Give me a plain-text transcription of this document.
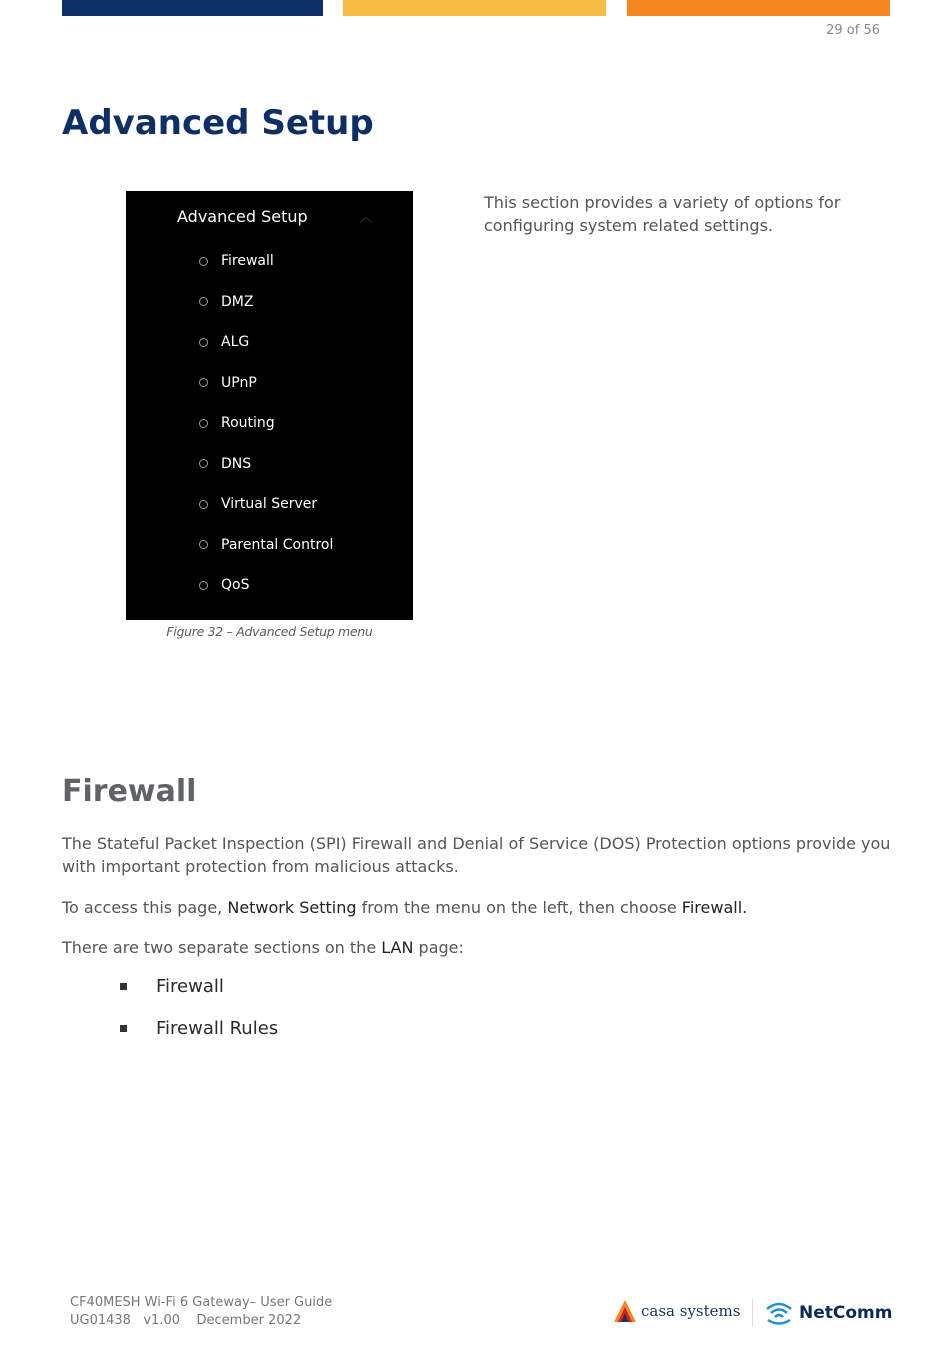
29 of 56
Advanced Setup
Advanced Setup	︿
Firewall
DMZ
ALG
UPnP
Routing
DNS
Virtual Server
Parental Control
QoS
Figure 32 – Advanced Setup menu

This section provides a variety of options for configuring system related settings.

Firewall

The Stateful Packet Inspection (SPI) Firewall and Denial of Service (DOS) Protection options provide you with important protection from malicious attacks.

To access this page, Network Setting from the menu on the left, then choose Firewall.

There are two separate sections on the LAN page:

Firewall
Firewall Rules
CF40MESH Wi-Fi 6 Gateway– User Guide
UG01438   v1.00    December 2022
casa systems	NetComm
